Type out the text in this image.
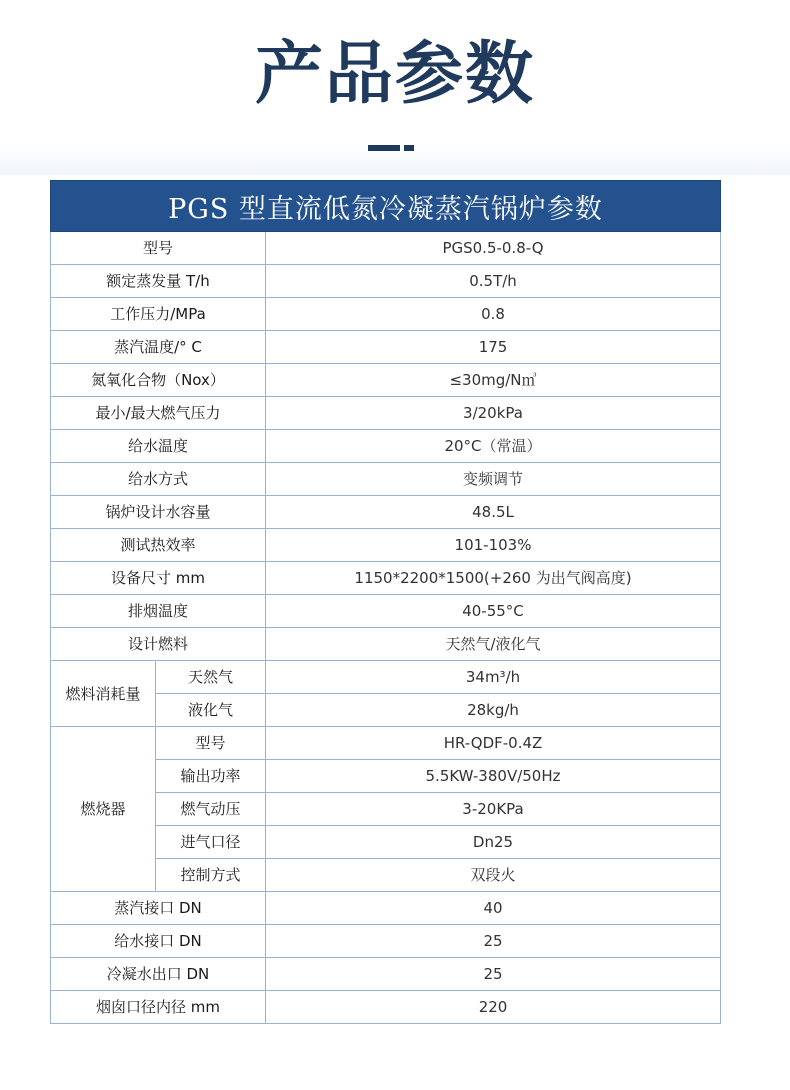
产品参数
PGS 型直流低氮冷凝蒸汽锅炉参数		
型号		PGS0.5-0.8-Q
额定蒸发量 T/h		0.5T/h
工作压力/MPa		0.8
蒸汽温度/° C		175
氮氧化合物（Nox）		≤30mg/N㎥
最小/最大燃气压力		3/20kPa
给水温度		20°C（常温）
给水方式		变频调节
锅炉设计水容量		48.5L
测试热效率		101-103%
设备尺寸 mm		1150*2200*1500(+260 为出气阀高度)
排烟温度		40-55°C
设计燃料		天然气/液化气
燃料消耗量	天然气	34m³/h
	液化气	28kg/h
燃烧器	型号	HR-QDF-0.4Z
	输出功率	5.5KW-380V/50Hz
	燃气动压	3-20KPa
	进气口径	Dn25
	控制方式	双段火
蒸汽接口 DN		40
给水接口 DN		25
冷凝水出口 DN		25
烟囱口径内径 mm		220
